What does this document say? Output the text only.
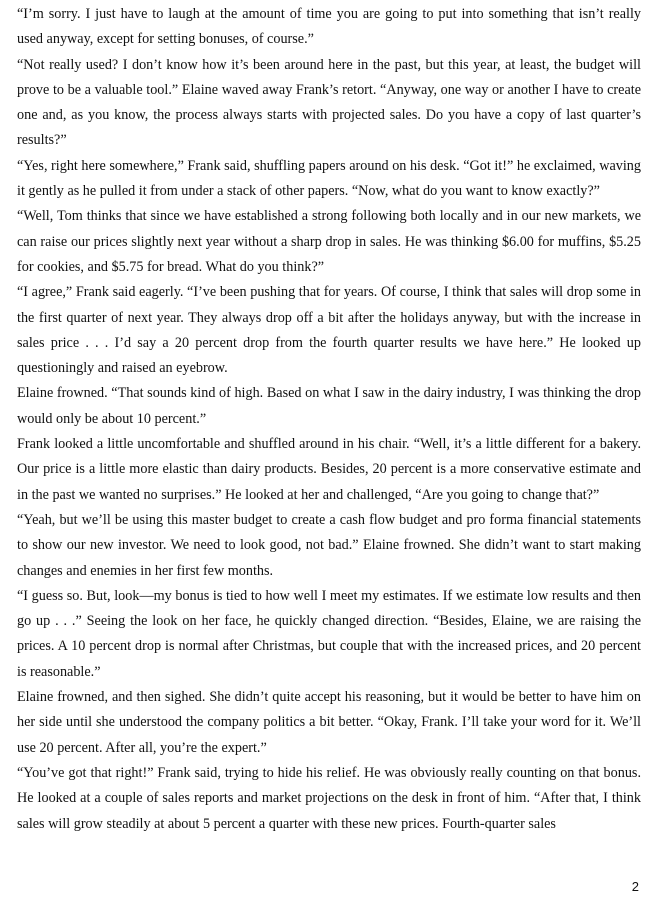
“I’m sorry. I just have to laugh at the amount of time you are going to put into something that isn’t really used anyway, except for setting bonuses, of course.”

“Not really used? I don’t know how it’s been around here in the past, but this year, at least, the budget will prove to be a valuable tool.” Elaine waved away Frank’s retort. “Anyway, one way or another I have to create one and, as you know, the process always starts with projected sales. Do you have a copy of last quarter’s results?”

“Yes, right here somewhere,” Frank said, shuffling papers around on his desk. “Got it!” he exclaimed, waving it gently as he pulled it from under a stack of other papers. “Now, what do you want to know exactly?”

“Well, Tom thinks that since we have established a strong following both locally and in our new markets, we can raise our prices slightly next year without a sharp drop in sales. He was thinking $6.00 for muffins, $5.25 for cookies, and $5.75 for bread. What do you think?”

“I agree,” Frank said eagerly. “I’ve been pushing that for years. Of course, I think that sales will drop some in the first quarter of next year. They always drop off a bit after the holidays anyway, but with the increase in sales price . . . I’d say a 20 percent drop from the fourth quarter results we have here.” He looked up questioningly and raised an eyebrow.

Elaine frowned. “That sounds kind of high. Based on what I saw in the dairy industry, I was thinking the drop would only be about 10 percent.”

Frank looked a little uncomfortable and shuffled around in his chair. “Well, it’s a little different for a bakery. Our price is a little more elastic than dairy products. Besides, 20 percent is a more conservative estimate and in the past we wanted no surprises.” He looked at her and challenged, “Are you going to change that?”

“Yeah, but we’ll be using this master budget to create a cash flow budget and pro forma financial statements to show our new investor. We need to look good, not bad.” Elaine frowned. She didn’t want to start making changes and enemies in her first few months.

“I guess so. But, look—my bonus is tied to how well I meet my estimates. If we estimate low results and then go up . . .” Seeing the look on her face, he quickly changed direction. “Besides, Elaine, we are raising the prices. A 10 percent drop is normal after Christmas, but couple that with the increased prices, and 20 percent is reasonable.”

Elaine frowned, and then sighed. She didn’t quite accept his reasoning, but it would be better to have him on her side until she understood the company politics a bit better. “Okay, Frank. I’ll take your word for it. We’ll use 20 percent. After all, you’re the expert.”

“You’ve got that right!” Frank said, trying to hide his relief. He was obviously really counting on that bonus. He looked at a couple of sales reports and market projections on the desk in front of him. “After that, I think sales will grow steadily at about 5 percent a quarter with these new prices. Fourth-quarter sales

2
